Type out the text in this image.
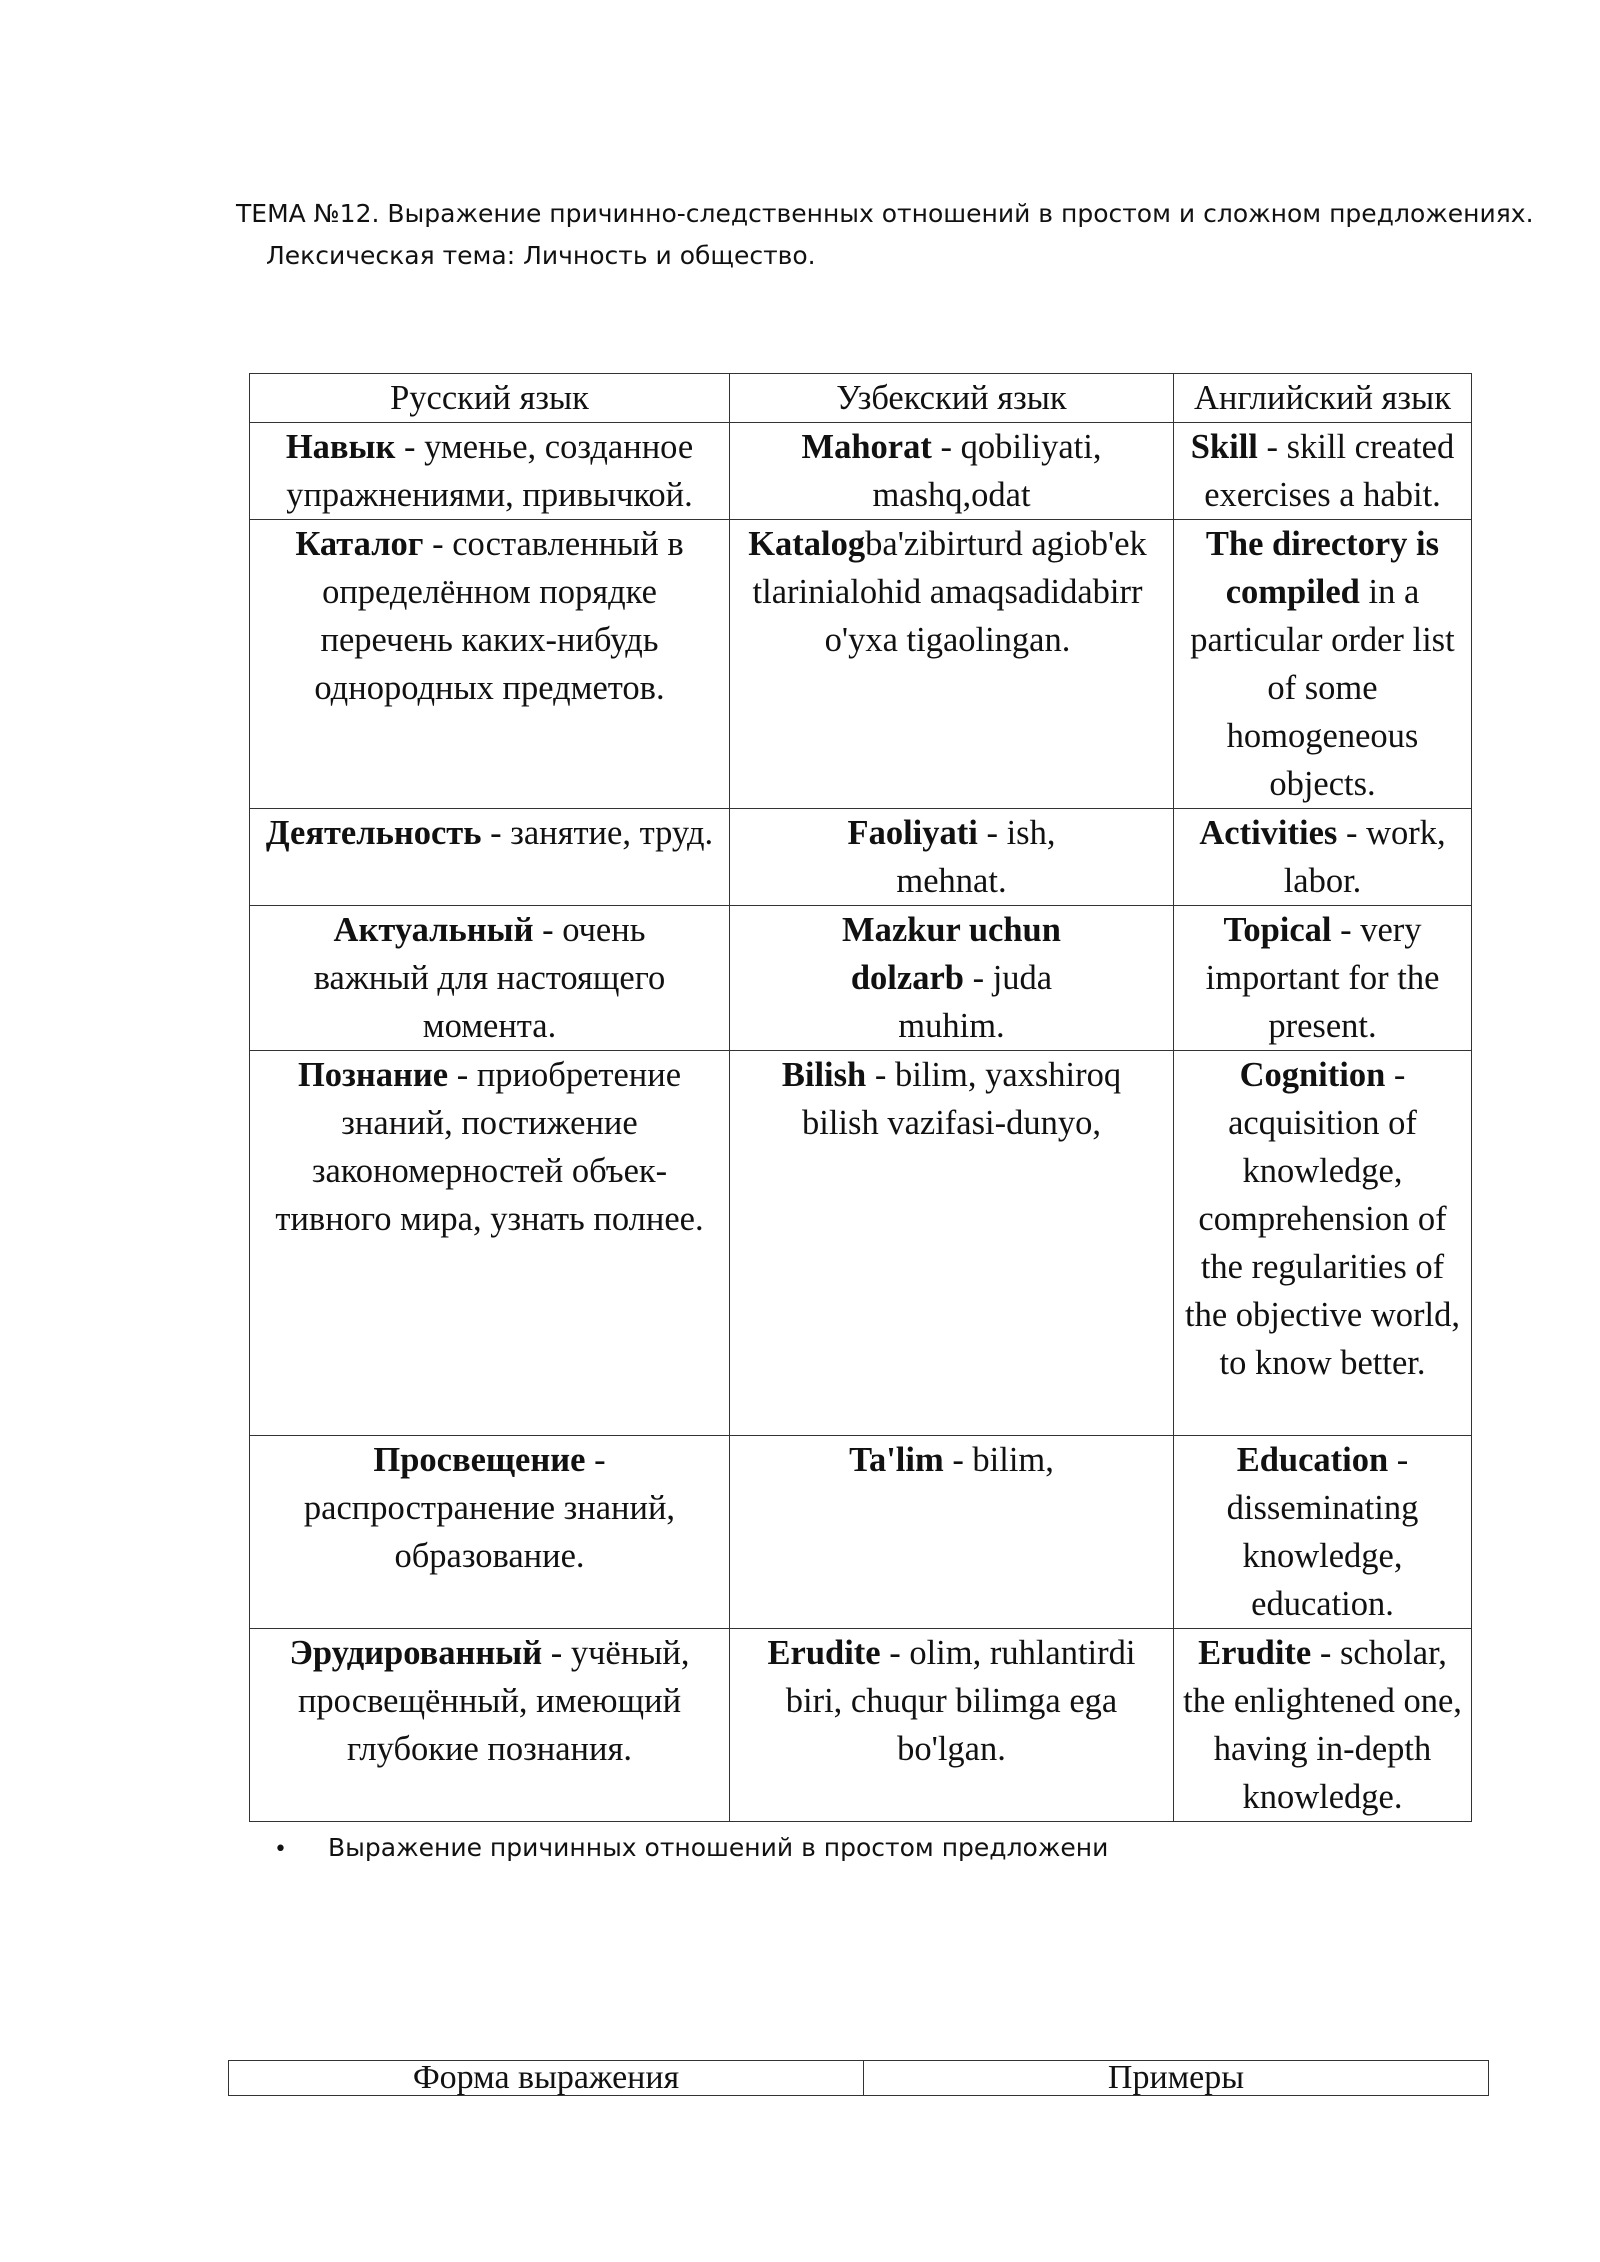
ТЕМА №12. Выражение причинно-следственных отношений в простом и сложном предложениях.
Лексическая тема: Личность и общество.
Русский язык	Узбекский язык	Английский язык
Навык - уменье, созданное упражнениями, привычкой.	Mahorat - qobiliyati, mashq,odat	Skill - skill created exercises a habit.
Каталог - составленный в определённом порядке перечень каких-нибудь однородных предметов.	Katalogba'zibirturd agiob'ektlarinialohid amaqsadidabirro'yxa tigaolingan.	The directory is compiled in a particular order list of some homogeneous objects.
Деятельность - занятие, труд.	Faoliyati - ish, mehnat.	Activities - work, labor.
Актуальный - очень важный для настоящего момента.	Mazkur uchun dolzarb - juda muhim.	Topical - very important for the present.
Познание - приобретение знаний, постижение закономерностей объек-тивного мира, узнать полнее.	Bilish - bilim, yaxshiroq bilish vazifasi-dunyo,	Cognition - acquisition of knowledge, comprehension of the regularities of the objective world, to know better.
Просвещение - распространение знаний, образование.	Ta'lim - bilim,	Education - disseminating knowledge, education.
Эрудированный - учёный, просвещённый, имеющий глубокие познания.	Erudite - olim, ruhlantirdi biri, chuqur bilimga ega bo'lgan.	Erudite - scholar, the enlightened one, having in-depth knowledge.
• Выражение причинных отношений в простом предложени
Форма выражения	Примеры
